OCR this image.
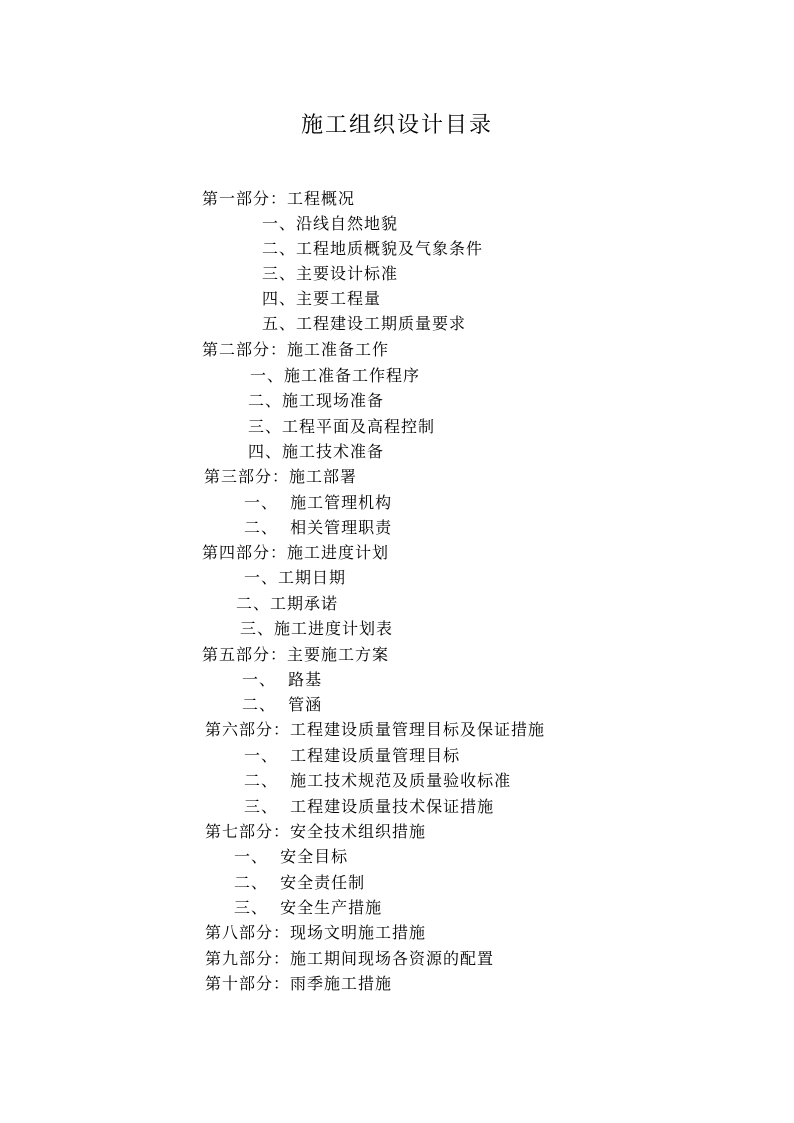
施工组织设计目录
第一部分：工程概况
一、沿线自然地貌
二、工程地质概貌及气象条件
三、主要设计标准
四、主要工程量
五、工程建设工期质量要求
第二部分：施工准备工作
一、施工准备工作程序
二、施工现场准备
三、工程平面及高程控制
四、施工技术准备
第三部分：施工部署
一、  施工管理机构
二、  相关管理职责
第四部分：施工进度计划
一、工期日期
二、工期承诺
三、施工进度计划表
第五部分：主要施工方案
一、  路基
二、  管涵
第六部分：工程建设质量管理目标及保证措施
一、  工程建设质量管理目标
二、  施工技术规范及质量验收标准
三、  工程建设质量技术保证措施
第七部分：安全技术组织措施
一、  安全目标
二、  安全责任制
三、  安全生产措施
第八部分：现场文明施工措施
第九部分：施工期间现场各资源的配置
第十部分：雨季施工措施
